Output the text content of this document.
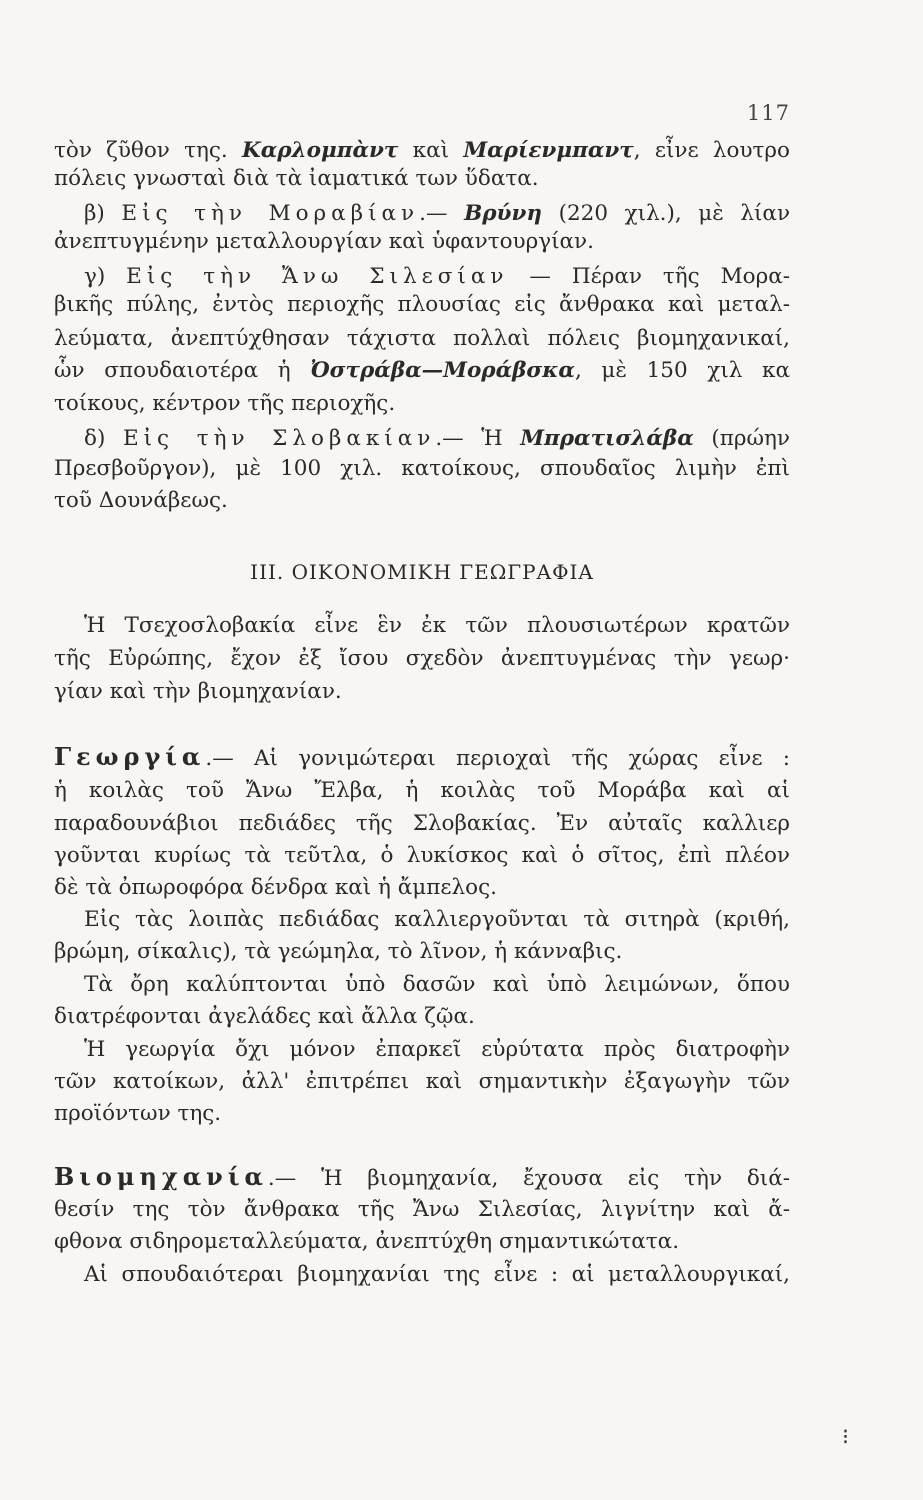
117
τὸν ζῦθον της. Καρλομπὰντ καὶ Μαρίενμπαντ, εἶνε λουτρο
πόλεις γνωσταὶ διὰ τὰ ἰαματικά των ὕδατα.
β) Εἰς τὴν Μοραβίαν.— Βρύνη (220 χιλ.), μὲ λίαν
ἀνεπτυγμένην μεταλλουργίαν καὶ ὑφαντουργίαν.
γ) Εἰς τὴν Ἄνω Σιλεσίαν — Πέραν τῆς Μορα-
βικῆς πύλης, ἐντὸς περιοχῆς πλουσίας εἰς ἄνθρακα καὶ μεταλ-
λεύματα, ἀνεπτύχθησαν τάχιστα πολλαὶ πόλεις βιομηχανικαί,
ὧν σπουδαιοτέρα ἡ Ὀστράβα—Μοράβσκα, μὲ 150 χιλ κα
τοίκους, κέντρον τῆς περιοχῆς.
δ) Εἰς τὴν Σλοβακίαν.— Ἡ Μπρατισλάβα (πρώην
Πρεσβοῦργον), μὲ 100 χιλ. κατοίκους, σπουδαῖος λιμὴν ἐπὶ
τοῦ Δουνάβεως.
ΙΙΙ. ΟΙΚΟΝΟΜΙΚΗ ΓΕΩΓΡΑΦΙΑ
Ἡ Τσεχοσλοβακία εἶνε ἓν ἐκ τῶν πλουσιωτέρων κρατῶν
τῆς Εὐρώπης, ἔχον ἐξ ἴσου σχεδὸν ἀνεπτυγμένας τὴν γεωρ·
γίαν καὶ τὴν βιομηχανίαν.
Γεωργία.— Αἱ γονιμώτεραι περιοχαὶ τῆς χώρας εἶνε :
ἡ κοιλὰς τοῦ Ἄνω Ἔλβα, ἡ κοιλὰς τοῦ Μοράβα καὶ αἱ
παραδουνάβιοι πεδιάδες τῆς Σλοβακίας. Ἐν αὐταῖς καλλιερ
γοῦνται κυρίως τὰ τεῦτλα, ὁ λυκίσκος καὶ ὁ σῖτος, ἐπὶ πλέον
δὲ τὰ ὀπωροφόρα δένδρα καὶ ἡ ἄμπελος.
Εἰς τὰς λοιπὰς πεδιάδας καλλιεργοῦνται τὰ σιτηρὰ (κριθή,
βρώμη, σίκαλις), τὰ γεώμηλα, τὸ λῖνον, ἡ κάνναβις.
Τὰ ὄρη καλύπτονται ὑπὸ δασῶν καὶ ὑπὸ λειμώνων, ὅπου
διατρέφονται ἀγελάδες καὶ ἄλλα ζῷα.
Ἡ γεωργία ὄχι μόνον ἐπαρκεῖ εὐρύτατα πρὸς διατροφὴν
τῶν κατοίκων, ἀλλ' ἐπιτρέπει καὶ σημαντικὴν ἐξαγωγὴν τῶν
προϊόντων της.
Βιομηχανία.— Ἡ βιομηχανία, ἔχουσα εἰς τὴν διά-
θεσίν της τὸν ἄνθρακα τῆς Ἄνω Σιλεσίας, λιγνίτην καὶ ἄ-
φθονα σιδηρομεταλλεύματα, ἀνεπτύχθη σημαντικώτατα.
Αἱ σπουδαιότεραι βιομηχανίαι της εἶνε : αἱ μεταλλουργικαί,
⁝
